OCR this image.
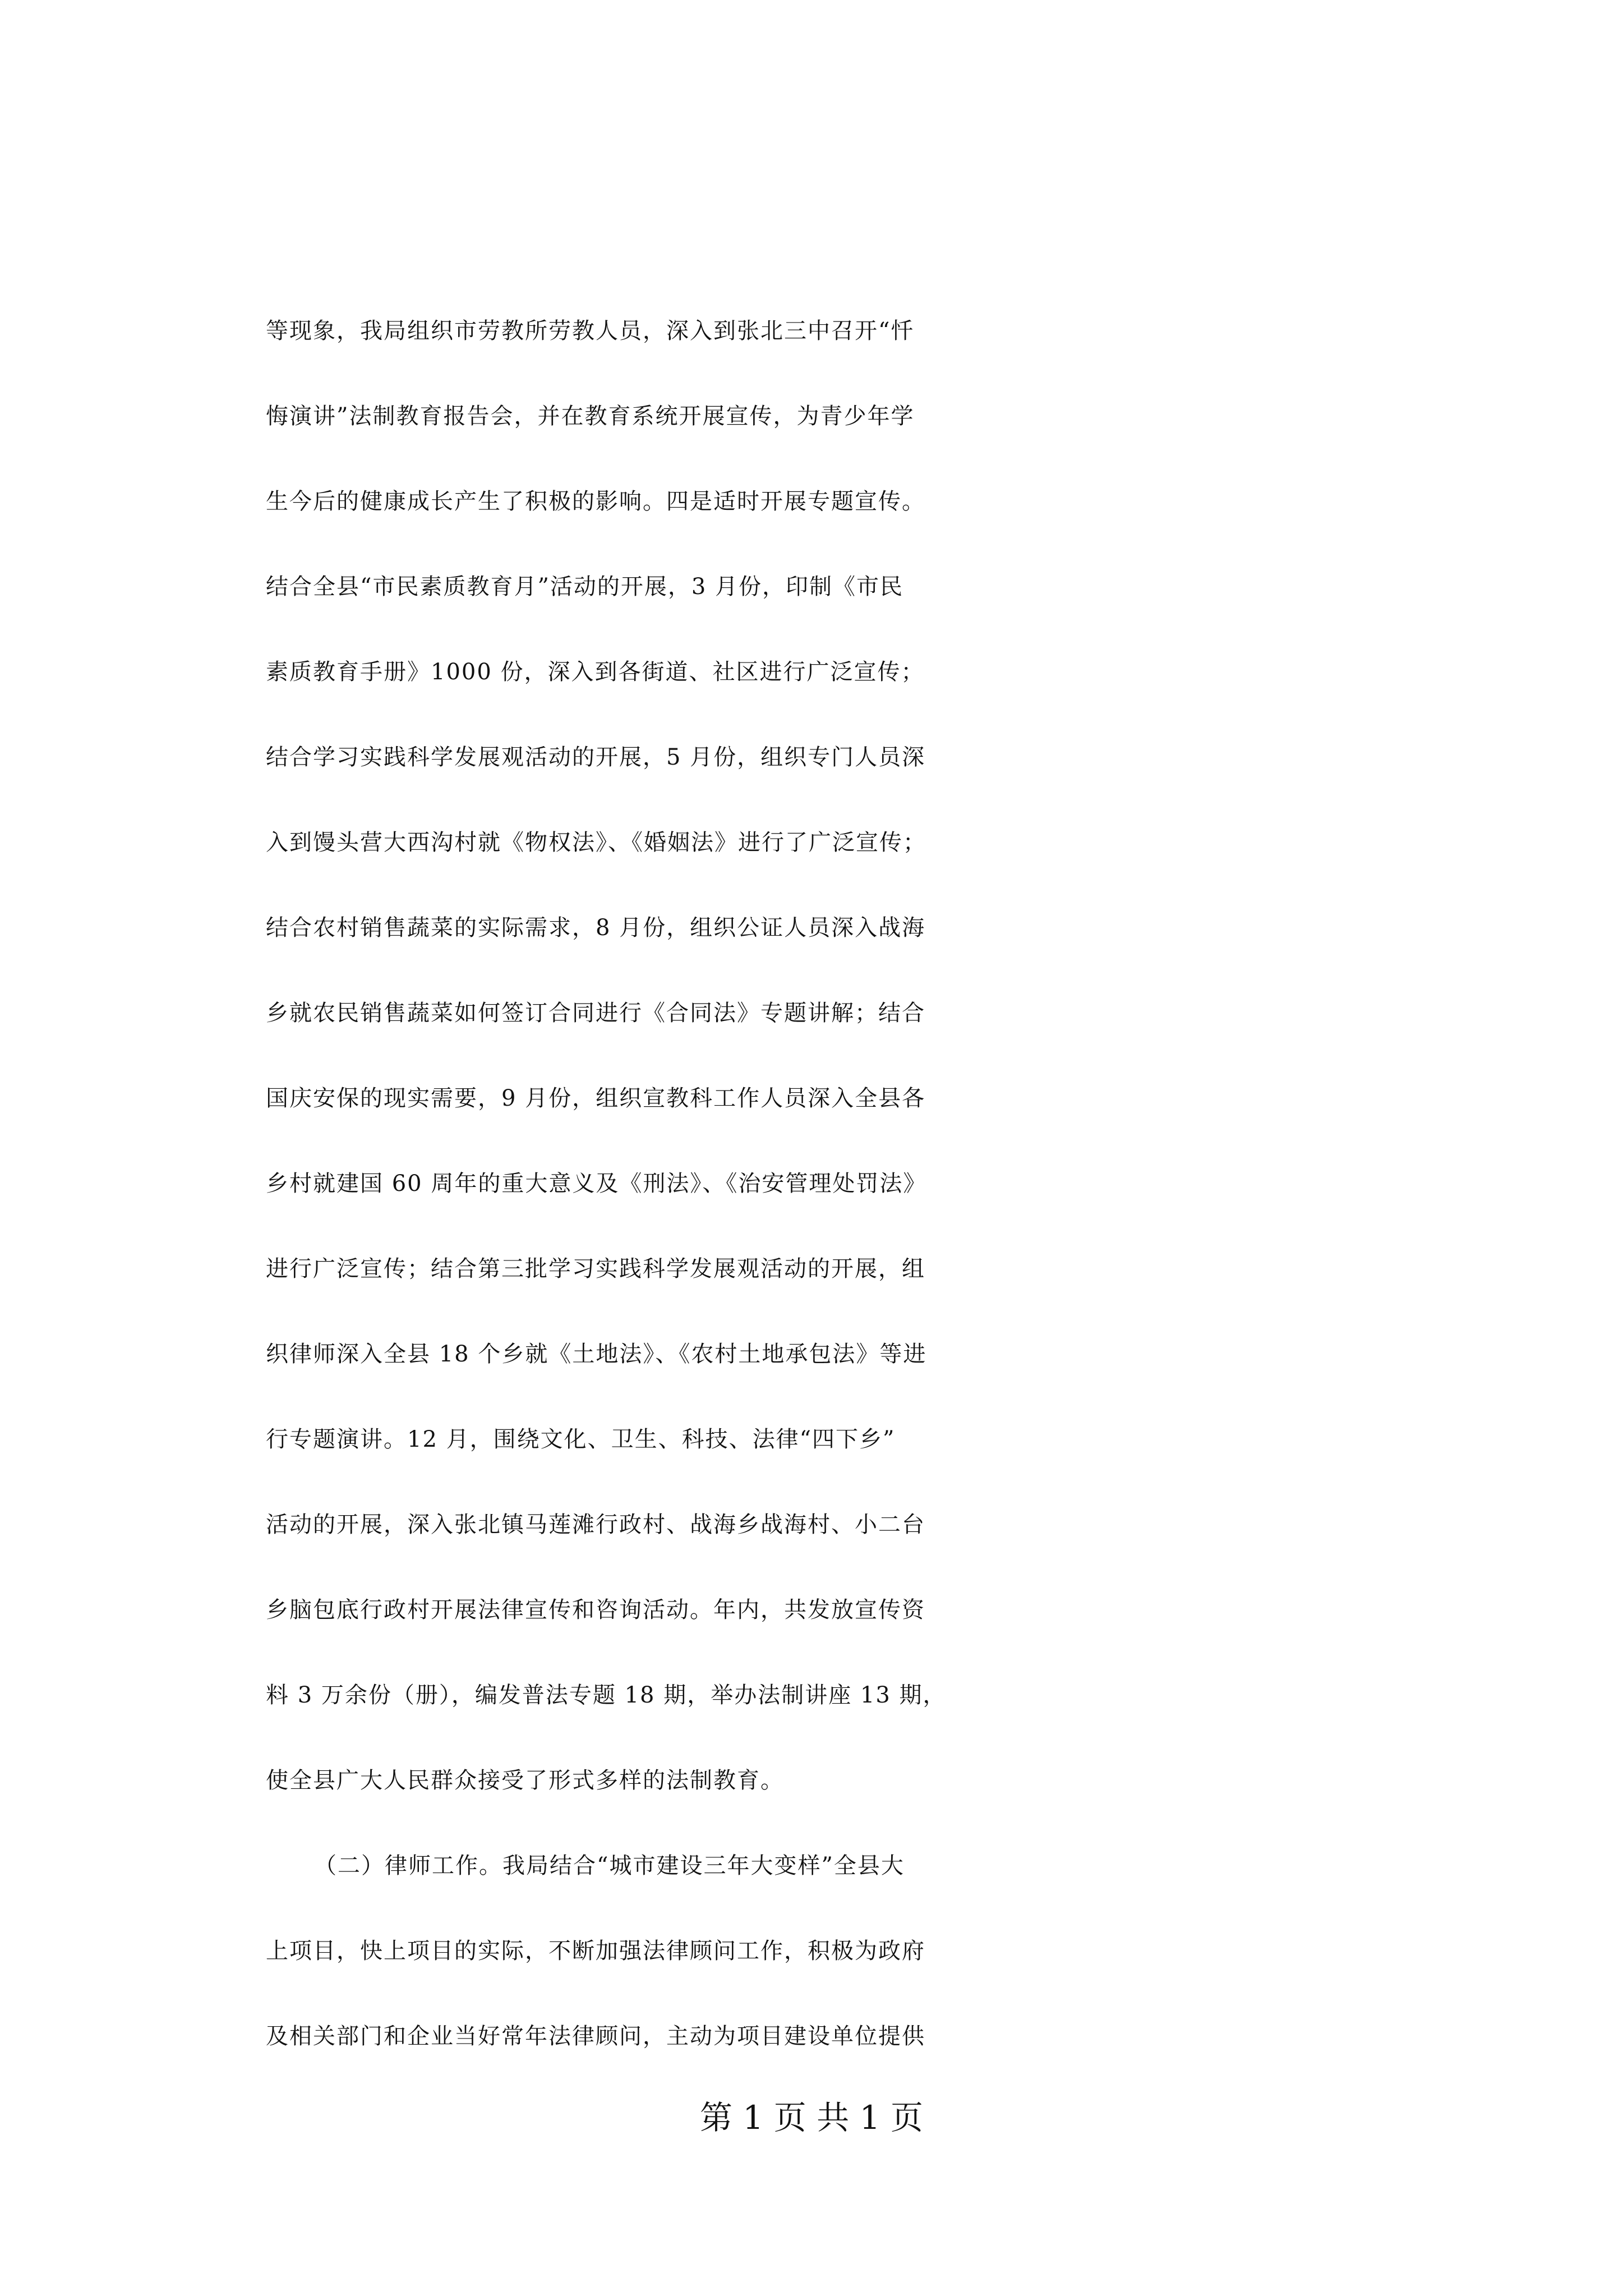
等现象，我局组织市劳教所劳教人员，深入到张北三中召开“忏
悔演讲”法制教育报告会，并在教育系统开展宣传，为青少年学
生今后的健康成长产生了积极的影响。四是适时开展专题宣传。
结合全县“市民素质教育月”活动的开展，3 月份，印制《市民
素质教育手册》1000 份，深入到各街道、社区进行广泛宣传；
结合学习实践科学发展观活动的开展，5 月份，组织专门人员深
入到馒头营大西沟村就《物权法》、《婚姻法》进行了广泛宣传；
结合农村销售蔬菜的实际需求，8 月份，组织公证人员深入战海
乡就农民销售蔬菜如何签订合同进行《合同法》专题讲解；结合
国庆安保的现实需要，9 月份，组织宣教科工作人员深入全县各
乡村就建国 60 周年的重大意义及《刑法》、《治安管理处罚法》
进行广泛宣传；结合第三批学习实践科学发展观活动的开展，组
织律师深入全县 18 个乡就《土地法》、《农村土地承包法》等进
行专题演讲。12 月，围绕文化、卫生、科技、法律“四下乡”
活动的开展，深入张北镇马莲滩行政村、战海乡战海村、小二台
乡脑包底行政村开展法律宣传和咨询活动。年内，共发放宣传资
料 3 万余份（册），编发普法专题 18 期，举办法制讲座 13 期，
使全县广大人民群众接受了形式多样的法制教育。
（二）律师工作。我局结合“城市建设三年大变样”全县大
上项目，快上项目的实际，不断加强法律顾问工作，积极为政府
及相关部门和企业当好常年法律顾问，主动为项目建设单位提供
第 1 页 共 1 页
